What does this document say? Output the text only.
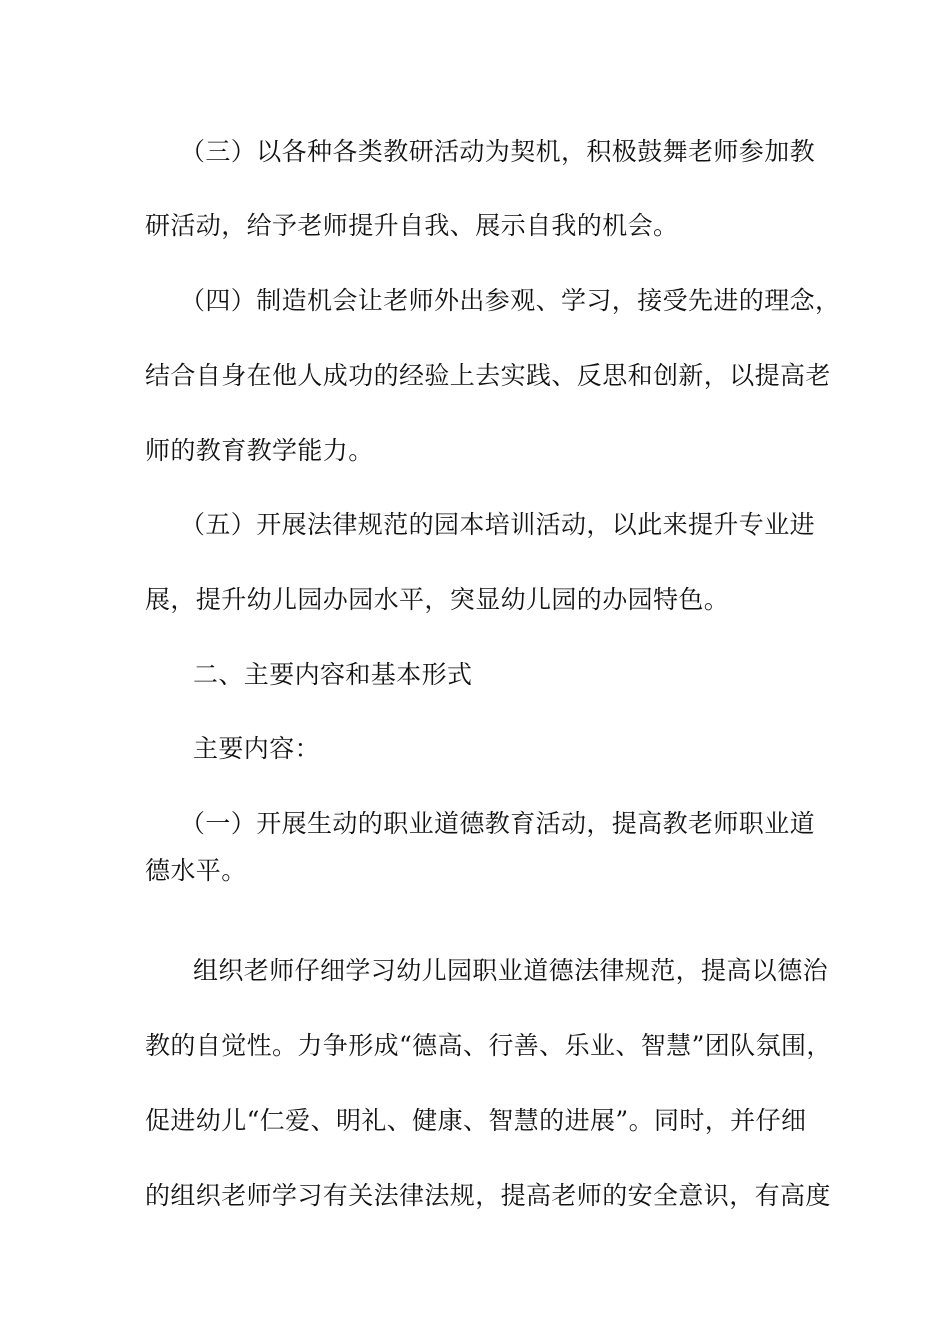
（三）以各种各类教研活动为契机，积极鼓舞老师参加教
研活动，给予老师提升自我、展示自我的机会。
（四）制造机会让老师外出参观、学习，接受先进的理念，
结合自身在他人成功的经验上去实践、反思和创新，以提高老
师的教育教学能力。
（五）开展法律规范的园本培训活动，以此来提升专业进
展，提升幼儿园办园水平，突显幼儿园的办园特色。
二、主要内容和基本形式
主要内容：
（一）开展生动的职业道德教育活动，提高教老师职业道
德水平。
组织老师仔细学习幼儿园职业道德法律规范，提高以德治
教的自觉性。力争形成“德高、行善、乐业、智慧”团队氛围，
促进幼儿“仁爱、明礼、健康、智慧的进展”。同时，并仔细
的组织老师学习有关法律法规，提高老师的安全意识，有高度
